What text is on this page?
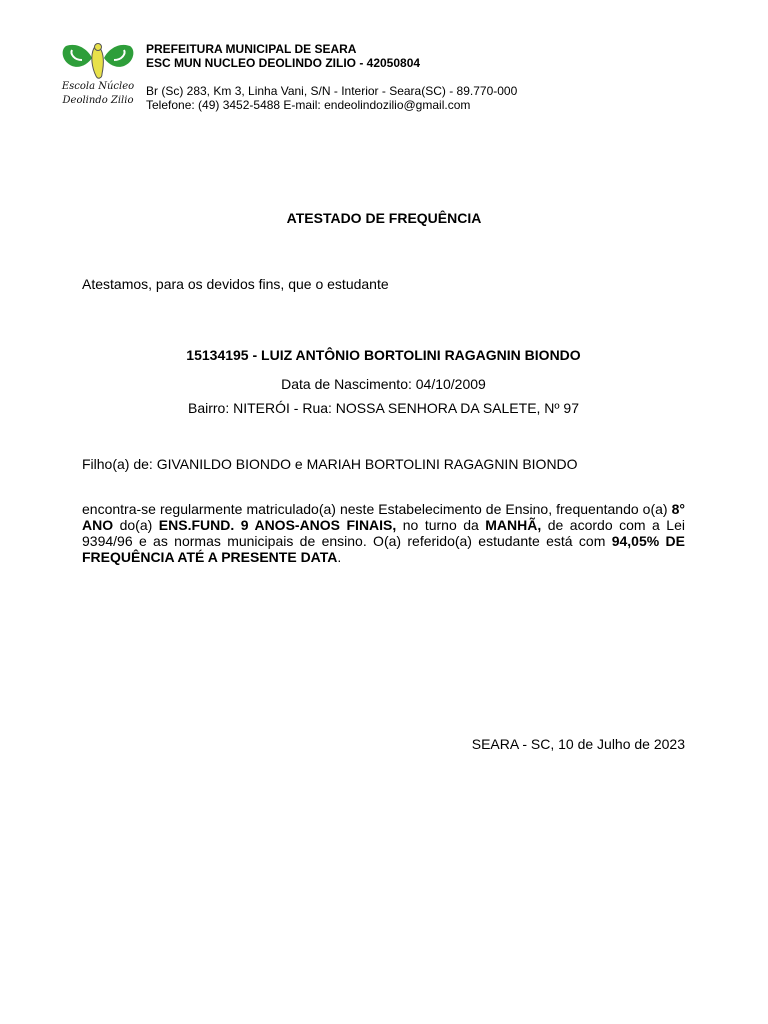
Escola Núcleo
Deolindo Zilio
PREFEITURA MUNICIPAL DE SEARA
ESC MUN NUCLEO DEOLINDO ZILIO - 42050804
Br (Sc) 283, Km 3, Linha Vani, S/N - Interior - Seara(SC) - 89.770-000
Telefone: (49) 3452-5488 E-mail: endeolindozilio@gmail.com
ATESTADO DE FREQUÊNCIA
Atestamos, para os devidos fins, que o estudante
15134195 - LUIZ ANTÔNIO BORTOLINI RAGAGNIN BIONDO
Data de Nascimento: 04/10/2009
Bairro: NITERÓI - Rua: NOSSA SENHORA DA SALETE, Nº 97
Filho(a) de: GIVANILDO BIONDO e MARIAH BORTOLINI RAGAGNIN BIONDO
encontra-se regularmente matriculado(a) neste Estabelecimento de Ensino, frequentando o(a) 8° ANO do(a) ENS.FUND. 9 ANOS-ANOS FINAIS, no turno da MANHÃ, de acordo com a Lei 9394/96 e as normas municipais de ensino. O(a) referido(a) estudante está com 94,05% DE FREQUÊNCIA ATÉ A PRESENTE DATA.
SEARA - SC, 10 de Julho de 2023
